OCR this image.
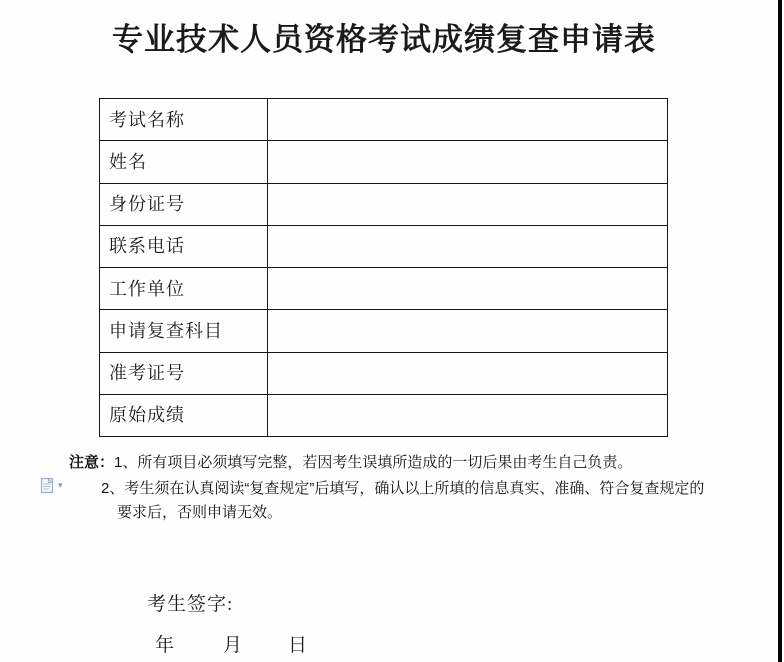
专业技术人员资格考试成绩复查申请表
考试名称	
姓名	
身份证号	
联系电话	
工作单位	
申请复查科目	
准考证号	
原始成绩	
注意：1、所有项目必须填写完整，若因考生误填所造成的一切后果由考生自己负责。
2、考生须在认真阅读“复查规定”后填写，确认以上所填的信息真实、准确、符合复查规定的
要求后，否则申请无效。
▾
考生签字:
年	月 日
